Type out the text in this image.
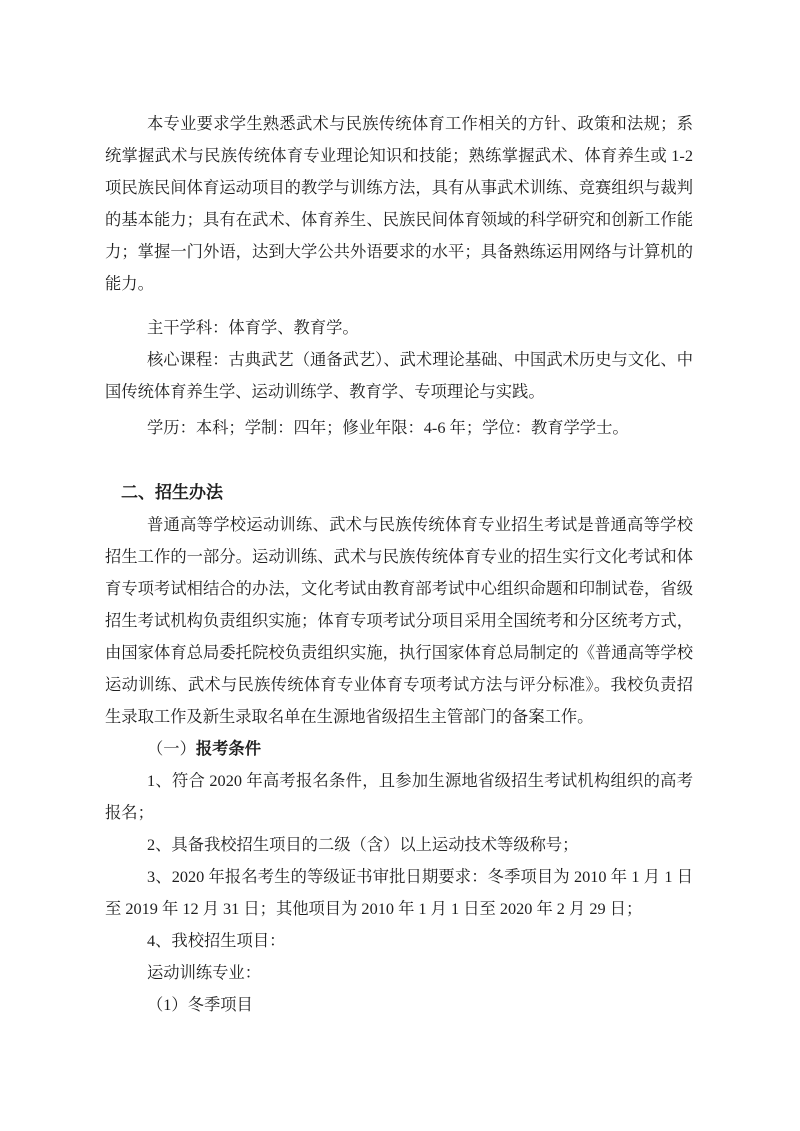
本专业要求学生熟悉武术与民族传统体育工作相关的方针、政策和法规；系统掌握武术与民族传统体育专业理论知识和技能；熟练掌握武术、体育养生或 1-2 项民族民间体育运动项目的教学与训练方法，具有从事武术训练、竞赛组织与裁判的基本能力；具有在武术、体育养生、民族民间体育领域的科学研究和创新工作能力；掌握一门外语，达到大学公共外语要求的水平；具备熟练运用网络与计算机的能力。

主干学科：体育学、教育学。

核心课程：古典武艺（通备武艺）、武术理论基础、中国武术历史与文化、中国传统体育养生学、运动训练学、教育学、专项理论与实践。

学历：本科；学制：四年；修业年限：4-6 年；学位：教育学学士。

二、招生办法

普通高等学校运动训练、武术与民族传统体育专业招生考试是普通高等学校招生工作的一部分。运动训练、武术与民族传统体育专业的招生实行文化考试和体育专项考试相结合的办法，文化考试由教育部考试中心组织命题和印制试卷，省级招生考试机构负责组织实施；体育专项考试分项目采用全国统考和分区统考方式，由国家体育总局委托院校负责组织实施，执行国家体育总局制定的《普通高等学校运动训练、武术与民族传统体育专业体育专项考试方法与评分标准》。我校负责招生录取工作及新生录取名单在生源地省级招生主管部门的备案工作。

（一）报考条件

1、符合 2020 年高考报名条件，且参加生源地省级招生考试机构组织的高考报名；

2、具备我校招生项目的二级（含）以上运动技术等级称号；

3、2020 年报名考生的等级证书审批日期要求：冬季项目为 2010 年 1 月 1 日至 2019 年 12 月 31 日；其他项目为 2010 年 1 月 1 日至 2020 年 2 月 29 日；

4、我校招生项目：

运动训练专业：

（1）冬季项目
